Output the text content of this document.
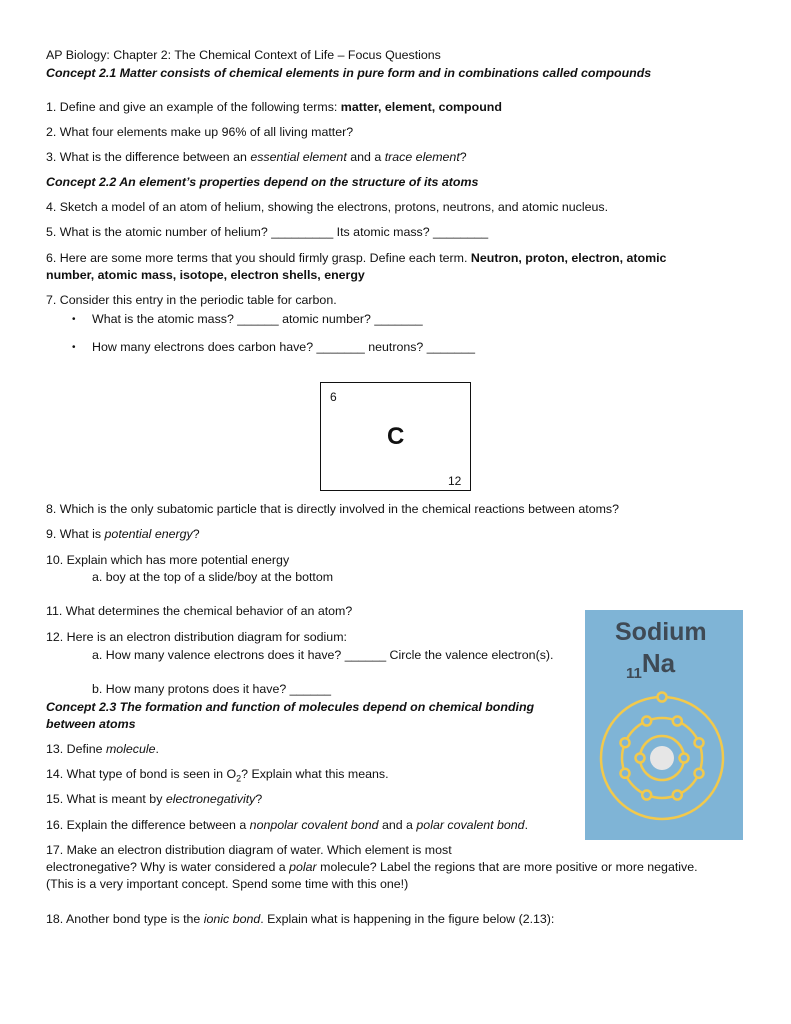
AP Biology: Chapter 2: The Chemical Context of Life – Focus Questions
Concept 2.1 Matter consists of chemical elements in pure form and in combinations called compounds
1. Define and give an example of the following terms: matter, element, compound
2. What four elements make up 96% of all living matter?
3. What is the difference between an essential element and a trace element?
Concept 2.2 An element’s properties depend on the structure of its atoms
4. Sketch a model of an atom of helium, showing the electrons, protons, neutrons, and atomic nucleus.
5. What is the atomic number of helium? _________ Its atomic mass? ________
6. Here are some more terms that you should firmly grasp. Define each term. Neutron, proton, electron, atomic
number, atomic mass, isotope, electron shells, energy
7. Consider this entry in the periodic table for carbon.
• What is the atomic mass? ______ atomic number? _______
• How many electrons does carbon have? _______ neutrons? _______
6
C
12
8. Which is the only subatomic particle that is directly involved in the chemical reactions between atoms?
9. What is potential energy?
10. Explain which has more potential energy
a. boy at the top of a slide/boy at the bottom
11. What determines the chemical behavior of an atom?
12. Here is an electron distribution diagram for sodium:
a. How many valence electrons does it have? ______ Circle the valence electron(s).
b. How many protons does it have? ______
Concept 2.3 The formation and function of molecules depend on chemical bonding
between atoms
13. Define molecule.
14. What type of bond is seen in $O_2$? Explain what this means.
15. What is meant by electronegativity?
16. Explain the difference between a nonpolar covalent bond and a polar covalent bond.
17. Make an electron distribution diagram of water. Which element is most
electronegative? Why is water considered a polar molecule? Label the regions that are more positive or more negative.
(This is a very important concept. Spend some time with this one!)
18. Another bond type is the ionic bond. Explain what is happening in the figure below (2.13):
Sodium
$_{11}$Na
